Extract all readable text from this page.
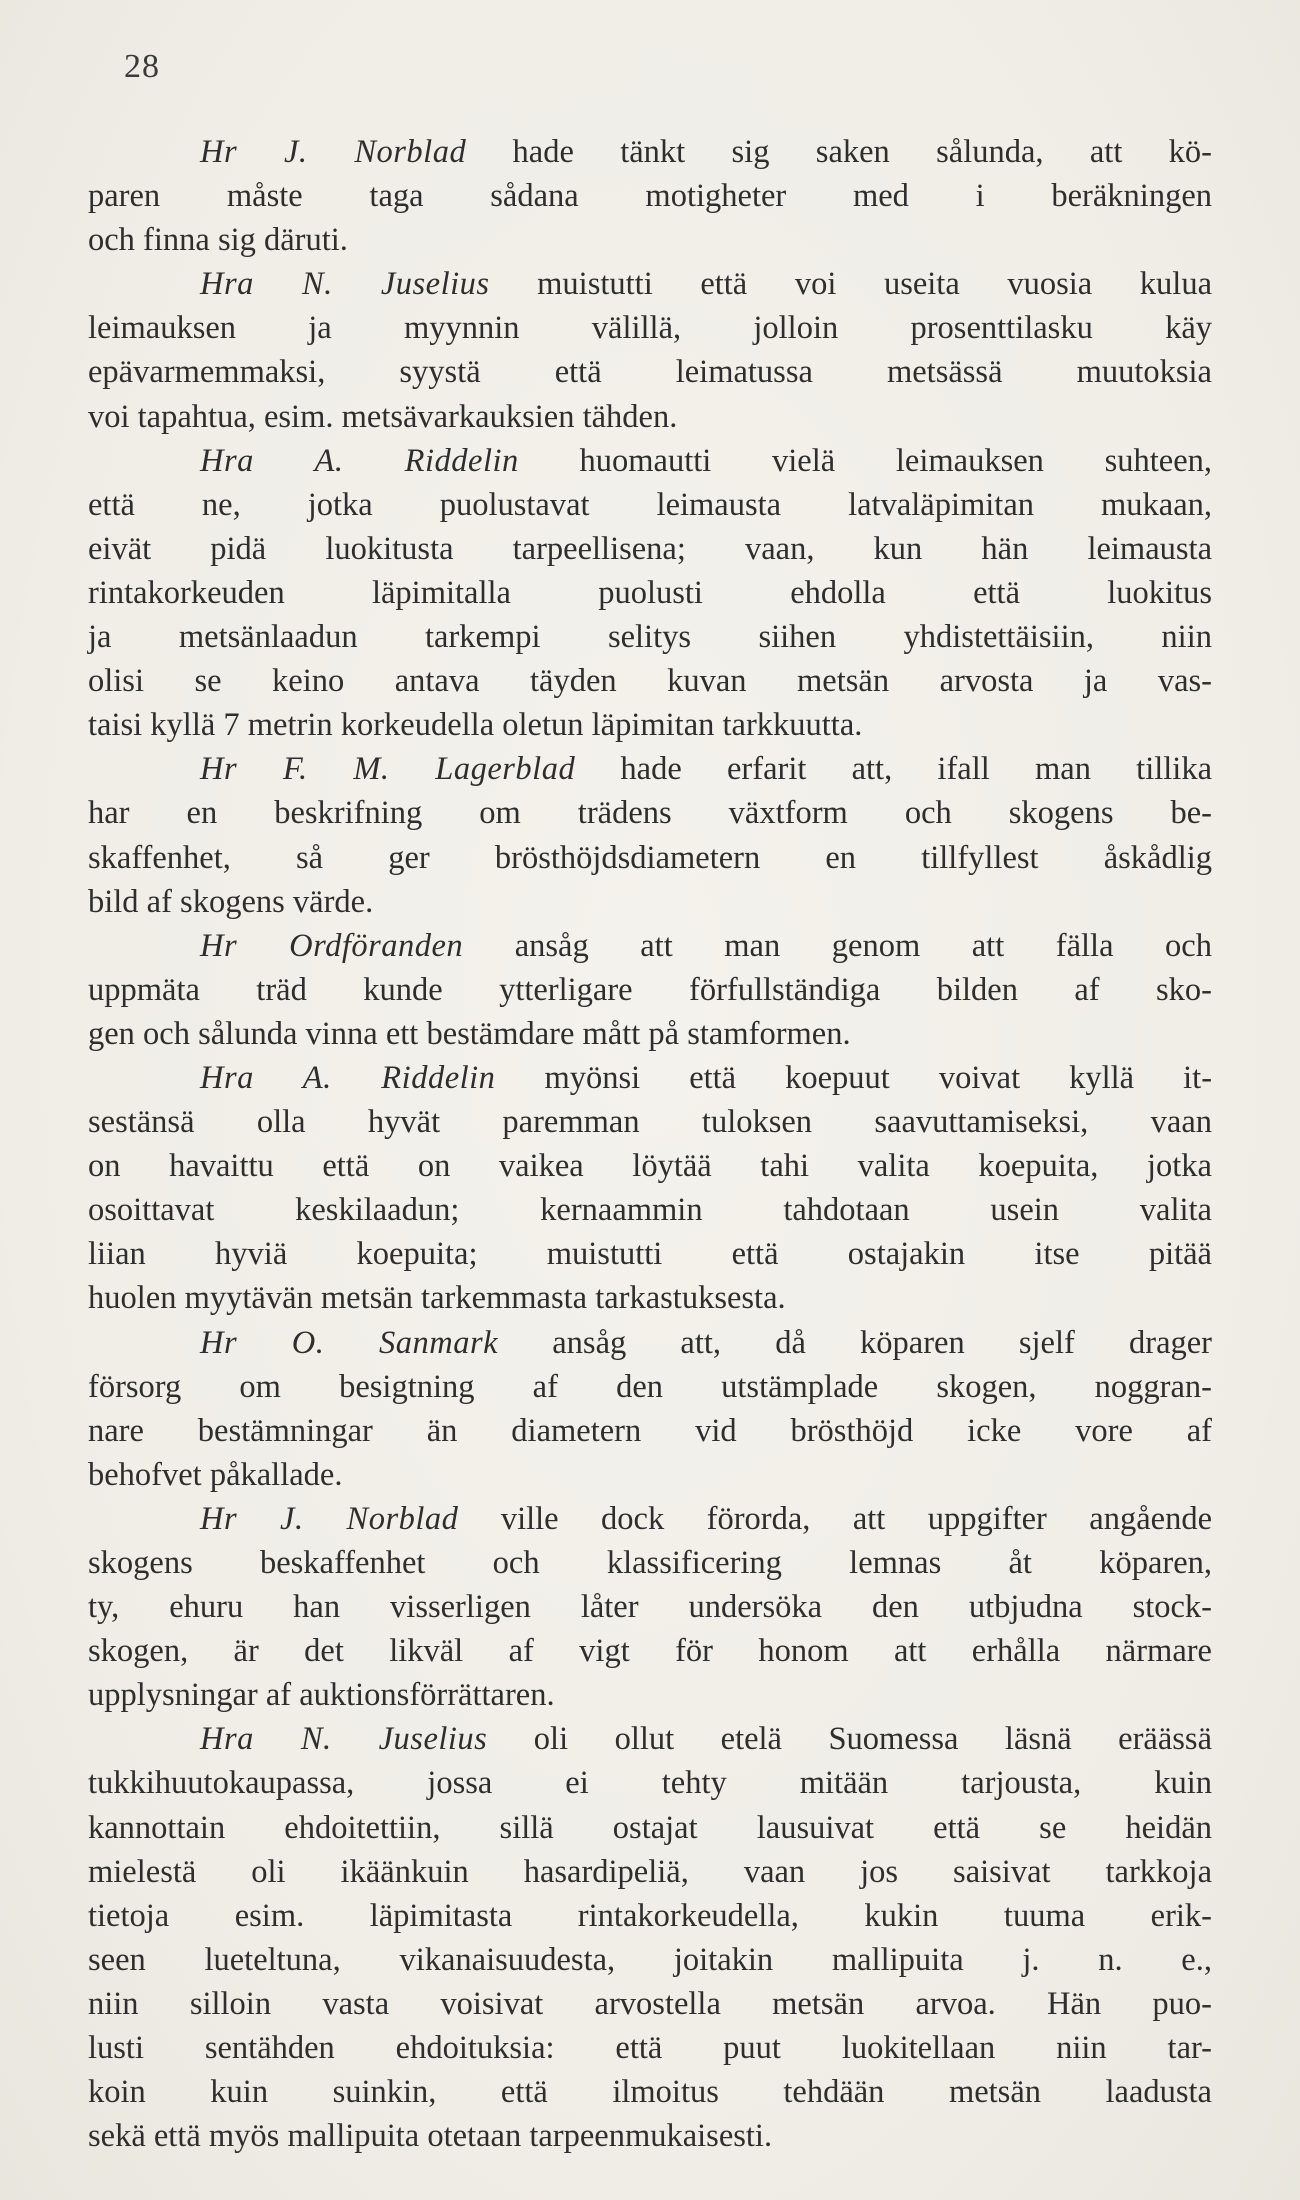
28
Hr J. Norblad hade tänkt sig saken sålunda, att kö-
paren måste taga sådana motigheter med i beräkningen
och finna sig däruti.
Hra N. Juselius muistutti että voi useita vuosia kulua
leimauksen ja myynnin välillä, jolloin prosenttilasku käy
epävarmemmaksi, syystä että leimatussa metsässä muutoksia
voi tapahtua, esim. metsävarkauksien tähden.
Hra A. Riddelin huomautti vielä leimauksen suhteen,
että ne, jotka puolustavat leimausta latvaläpimitan mukaan,
eivät pidä luokitusta tarpeellisena; vaan, kun hän leimausta
rintakorkeuden läpimitalla puolusti ehdolla että luokitus
ja metsänlaadun tarkempi selitys siihen yhdistettäisiin, niin
olisi se keino antava täyden kuvan metsän arvosta ja vas-
taisi kyllä 7 metrin korkeudella oletun läpimitan tarkkuutta.
Hr F. M. Lagerblad hade erfarit att, ifall man tillika
har en beskrifning om trädens växtform och skogens be-
skaffenhet, så ger brösthöjdsdiametern en tillfyllest åskådlig
bild af skogens värde.
Hr Ordföranden ansåg att man genom att fälla och
uppmäta träd kunde ytterligare förfullständiga bilden af sko-
gen och sålunda vinna ett bestämdare mått på stamformen.
Hra A. Riddelin myönsi että koepuut voivat kyllä it-
sestänsä olla hyvät paremman tuloksen saavuttamiseksi, vaan
on havaittu että on vaikea löytää tahi valita koepuita, jotka
osoittavat keskilaadun; kernaammin tahdotaan usein valita
liian hyviä koepuita; muistutti että ostajakin itse pitää
huolen myytävän metsän tarkemmasta tarkastuksesta.
Hr O. Sanmark ansåg att, då köparen sjelf drager
försorg om besigtning af den utstämplade skogen, noggran-
nare bestämningar än diametern vid brösthöjd icke vore af
behofvet påkallade.
Hr J. Norblad ville dock förorda, att uppgifter angående
skogens beskaffenhet och klassificering lemnas åt köparen,
ty, ehuru han visserligen låter undersöka den utbjudna stock-
skogen, är det likväl af vigt för honom att erhålla närmare
upplysningar af auktionsförrättaren.
Hra N. Juselius oli ollut etelä Suomessa läsnä eräässä
tukkihuutokaupassa, jossa ei tehty mitään tarjousta, kuin
kannottain ehdoitettiin, sillä ostajat lausuivat että se heidän
mielestä oli ikäänkuin hasardipeliä, vaan jos saisivat tarkkoja
tietoja esim. läpimitasta rintakorkeudella, kukin tuuma erik-
seen lueteltuna, vikanaisuudesta, joitakin mallipuita j. n. e.,
niin silloin vasta voisivat arvostella metsän arvoa. Hän puo-
lusti sentähden ehdoituksia: että puut luokitellaan niin tar-
koin kuin suinkin, että ilmoitus tehdään metsän laadusta
sekä että myös mallipuita otetaan tarpeenmukaisesti.
